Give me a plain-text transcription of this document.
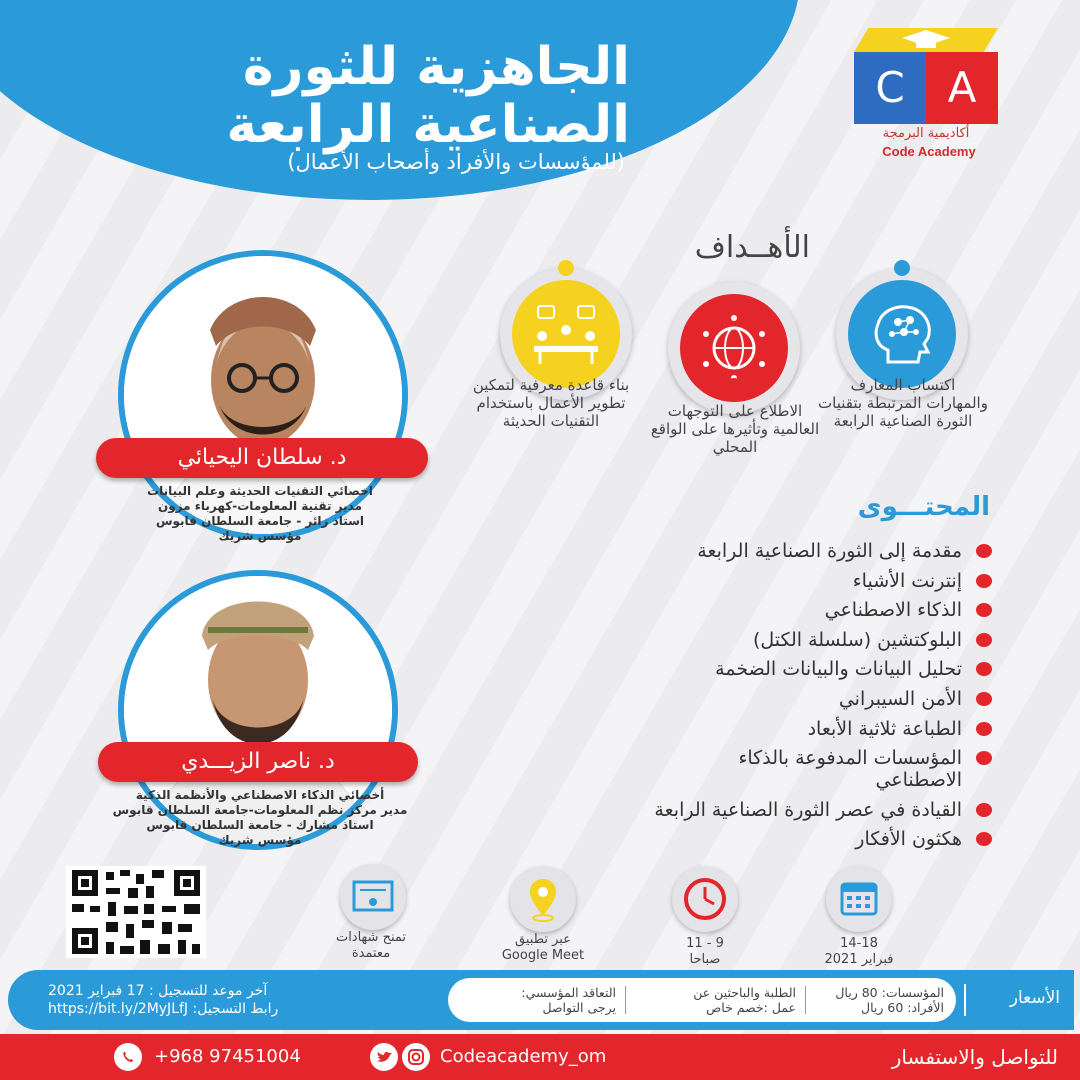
الجاهزية للثورة
الصناعية الرابعة
(للمؤسسات والأفراد وأصحاب الأعمال)
C	A
أكاديمية البرمجة
Code Academy
الأهــداف
اكتساب المعارف والمهارات المرتبطة بتقنيات الثورة الصناعية الرابعة
الاطلاع على التوجهات العالمية وتأثيرها على الواقع المحلي
بناء قاعدة معرفية لتمكين تطوير الأعمال باستخدام التقنيات الحديثة
د. سلطان اليحيائي
اخصائي التقنيات الحديثة وعلم البيانات
مدير تقنية المعلومات-كهرباء مزون
استاذ زائر - جامعة السلطان قابوس
مؤسس شريك
د. ناصر الزيـــدي
أخصائي الذكاء الاصطناعي والأنظمة الذكية
مدير مركز نظم المعلومات-جامعة السلطان قابوس
استاذ مشارك - جامعة السلطان قابوس
مؤسس شريك
المحتـــوى
مقدمة إلى الثورة الصناعية الرابعة
إنترنت الأشياء
الذكاء الاصطناعي
البلوكتشين (سلسلة الكتل)
تحليل البيانات والبيانات الضخمة
الأمن السيبراني
الطباعة ثلاثية الأبعاد
المؤسسات المدفوعة بالذكاء الاصطناعي
القيادة في عصر الثورة الصناعية الرابعة
هكثون الأفكار
14-18
فبراير 2021
9 - 11
صباحا
عبر تطبيق
Google Meet
تمنح شهادات
معتمدة
المؤسسات: 80 ريال
الأفراد: 60 ريال
الطلبة والباحثين عن
عمل :خصم خاص
التعاقد المؤسسي:
يرجى التواصل	الأسعار
آخر موعد للتسجيل : 17 فبراير 2021
رابط التسجيل: https://bit.ly/2MyJLfJ
للتواصل والاستفسار
Codeacademy_om
+968 97451004
